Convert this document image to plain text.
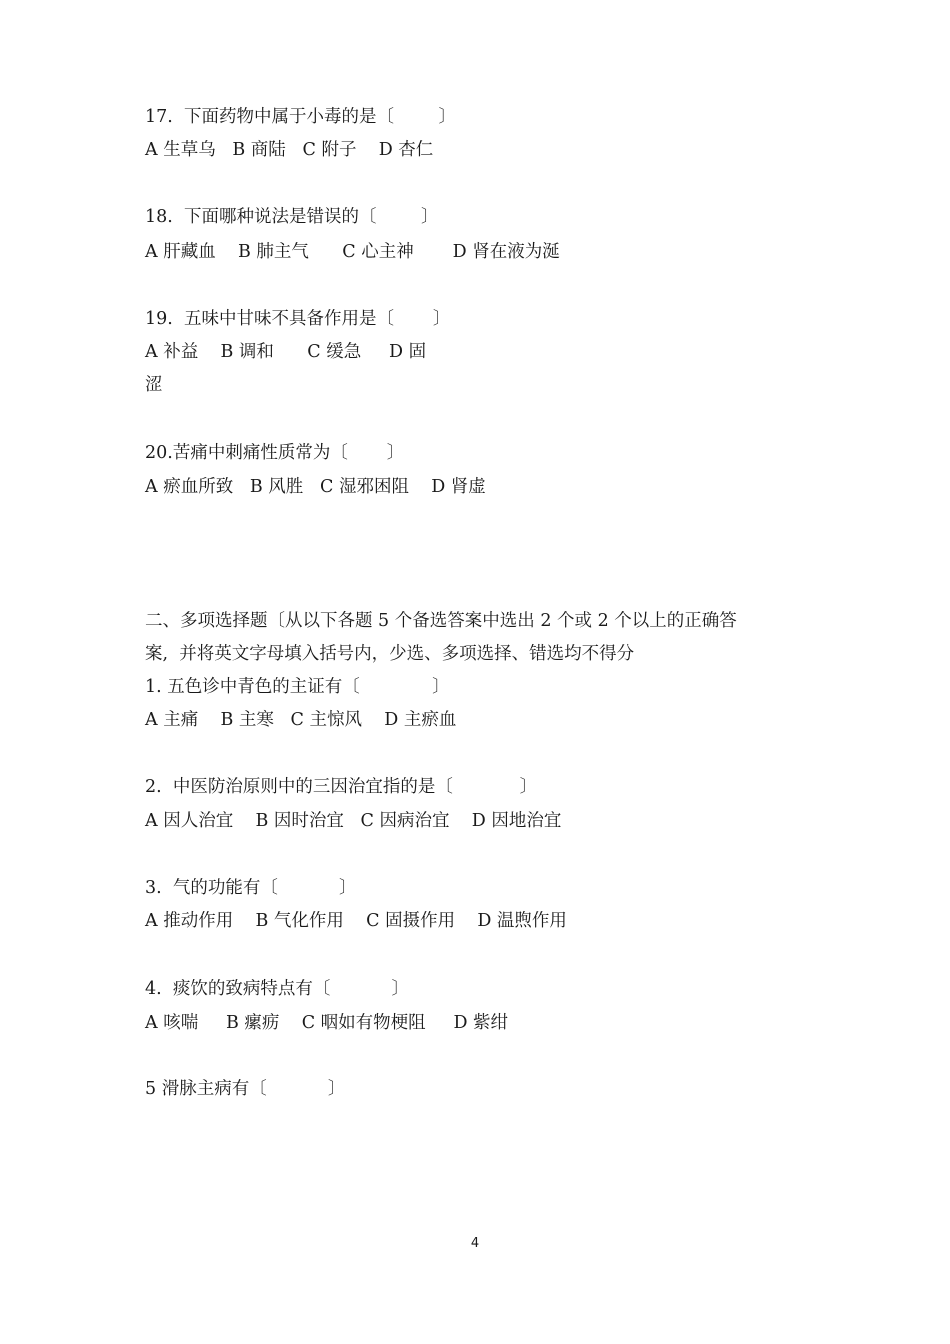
17.  下面药物中属于小毒的是〔        〕

A 生草乌   B 商陆   C 附子    D 杏仁

18.  下面哪种说法是错误的〔        〕

A 肝藏血    B 肺主气      C 心主神       D 肾在液为涎

19.  五味中甘味不具备作用是〔       〕

A 补益    B 调和      C 缓急     D 固

涩

20.苦痛中刺痛性质常为〔       〕

A 瘀血所致   B 风胜   C 湿邪困阻    D 肾虚

二、多项选择题〔从以下各题 5 个备选答案中选出 2 个或 2 个以上的正确答

案,  并将英文字母填入括号内，少选、多项选择、错选均不得分

1. 五色诊中青色的主证有〔             〕

A 主痛    B 主寒   C 主惊风    D 主瘀血

2.  中医防治原则中的三因治宜指的是〔            〕

A 因人治宜    B 因时治宜   C 因病治宜    D 因地治宜

3.  气的功能有〔           〕

A 推动作用    B 气化作用    C 固摄作用    D 温煦作用

4.  痰饮的致病特点有〔           〕

A 咳喘     B 瘰疬    C 咽如有物梗阻     D 紫绀

5 滑脉主病有〔           〕

4
